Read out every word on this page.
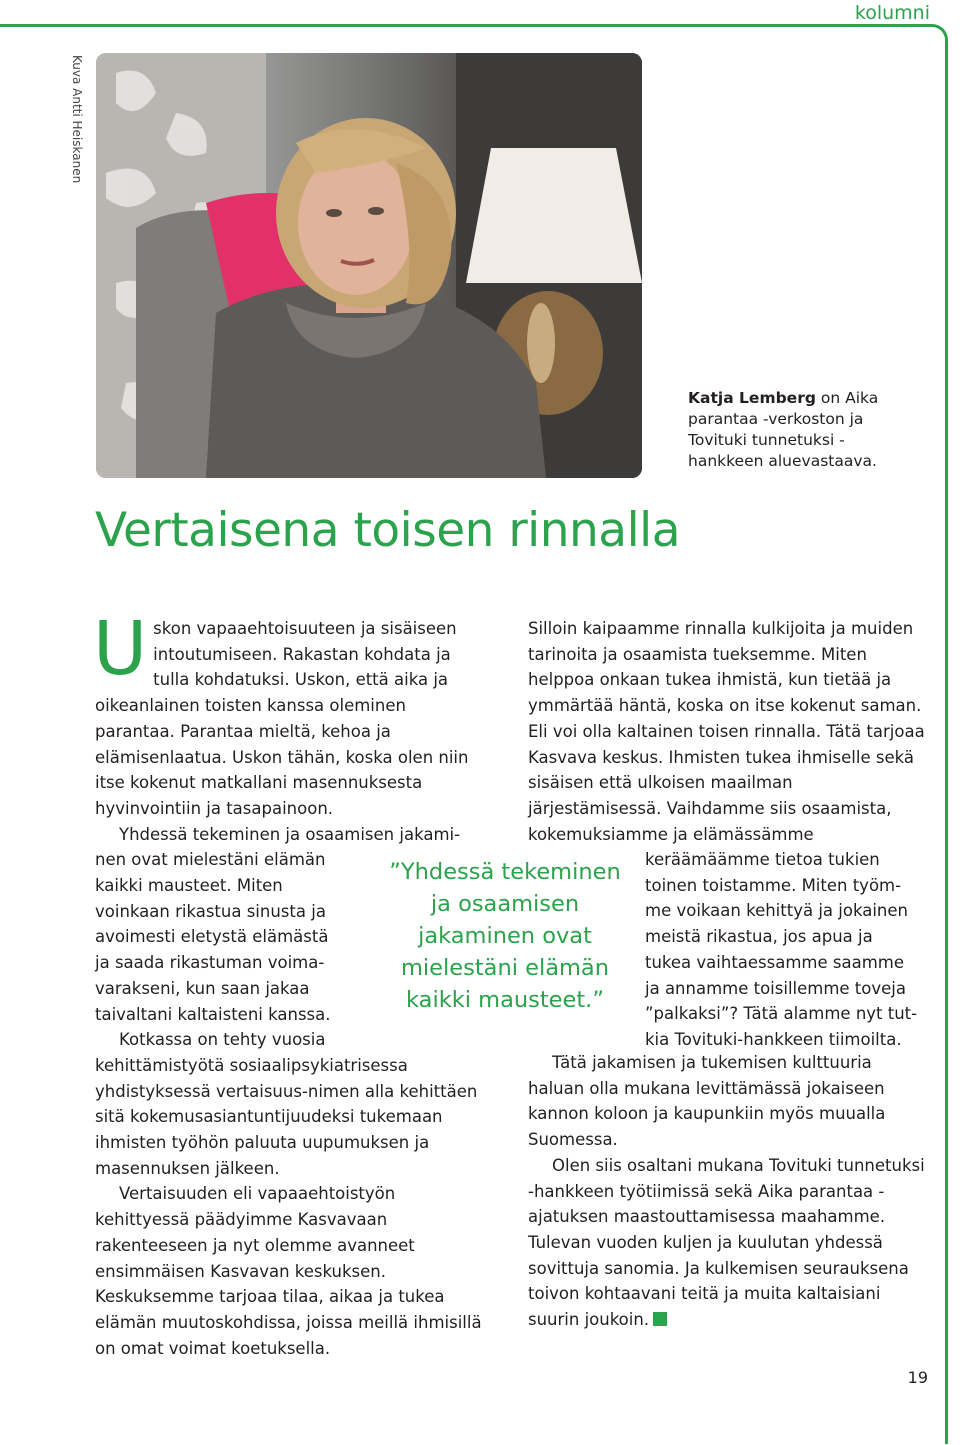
kolumni
Kuva Antti Heiskanen
Katja Lemberg on Aika parantaa -verkoston ja Tovituki tunnetuksi -hankkeen aluevastaava.
Vertaisena toisen rinnalla

U skon vapaaehtoisuuteen ja sisäiseen
intoutumiseen. Rakastan kohdata ja
tulla kohdatuksi. Uskon, että aika ja
oikeanlainen toisten kanssa oleminen parantaa. Parantaa mieltä, kehoa ja elämisenlaatua. Uskon tähän, koska olen niin itse kokenut matkallani masennuksesta hyvinvointiin ja tasapainoon.

Yhdessä tekeminen ja osaamisen jakami-

nen ovat mielestäni elämän
kaikki mausteet. Miten
voinkaan rikastua sinusta ja
avoimesti eletystä elämästä
ja saada rikastuman voima-
varakseni, kun saan jakaa
taivaltani kaltaisteni kanssa.

Kotkassa on tehty vuosia

kehittämistyötä sosiaalipsykiatrisessa yhdistyksessä vertaisuus-nimen alla kehittäen sitä kokemusasiantuntijuudeksi tukemaan ihmisten työhön paluuta uupumuksen ja masennuksen jälkeen.

Vertaisuuden eli vapaaehtoistyön kehittyessä päädyimme Kasvavaan rakenteeseen ja nyt olemme avanneet ensimmäisen Kasvavan keskuksen. Keskuksemme tarjoaa tilaa, aikaa ja tukea elämän muutoskohdissa, joissa meillä ihmisillä on omat voimat koetuksella.

”Yhdessä tekeminen
ja osaamisen
jakaminen ovat
mielestäni elämän
kaikki mausteet.”

Silloin kaipaamme rinnalla kulkijoita ja muiden tarinoita ja osaamista tueksemme. Miten helppoa onkaan tukea ihmistä, kun tietää ja ymmärtää häntä, koska on itse kokenut saman. Eli voi olla kaltainen toisen rinnalla. Tätä tarjoaa Kasvava keskus. Ihmisten tukea ihmiselle sekä sisäisen että ulkoisen maailman järjestämisessä. Vaihdamme siis osaamista, kokemuksiamme ja elämässämme

keräämäämme tietoa tukien
toinen toistamme. Miten työm-
me voikaan kehittyä ja jokainen
meistä rikastua, jos apua ja
tukea vaihtaessamme saamme
ja annamme toisillemme toveja
”palkaksi”? Tätä alamme nyt tut-
kia Tovituki-hankkeen tiimoilta.

Tätä jakamisen ja tukemisen kulttuuria haluan olla mukana levittämässä jokaiseen kannon koloon ja kaupunkiin myös muualla Suomessa.

Olen siis osaltani mukana Tovituki tunnetuksi -hankkeen työtiimissä sekä Aika parantaa -ajatuksen maastouttamisessa maahamme. Tulevan vuoden kuljen ja kuulutan yhdessä sovittuja sanomia. Ja kulkemisen seurauksena toivon kohtaavani teitä ja muita kaltaisiani suurin joukoin.

19
